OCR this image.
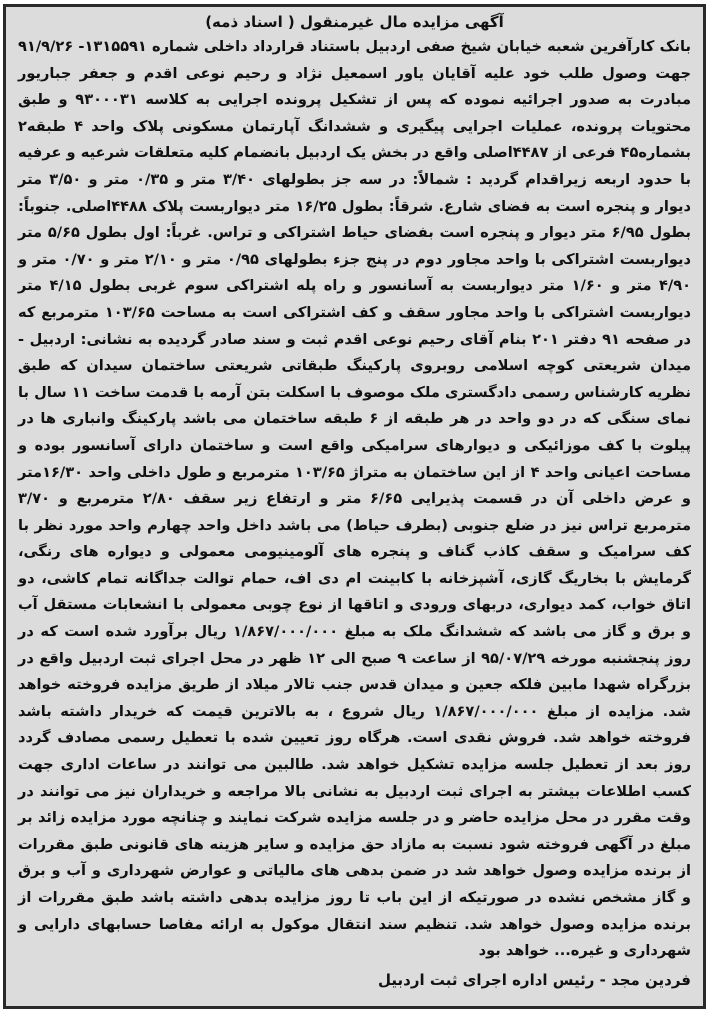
آگهی مزایده مال غیرمنقول ( اسناد ذمه)

بانک کارآفرین شعبه خیابان شیخ صفی اردبیل باستناد قرارداد داخلی شماره ۱۳۱۵۵۹۱- ۹۱/۹/۲۶ جهت وصول طلب خود علیه آقایان یاور اسمعیل نژاد و رحیم نوعی اقدم و جعفر جباریور مبادرت به صدور اجرائیه نموده که پس از تشکیل پرونده اجرایی به کلاسه ۹۳۰۰۰۳۱ و طبق محتویات پرونده، عملیات اجرایی پیگیری و ششدانگ آپارتمان مسکونی پلاک واحد ۴ طبقه۲ بشماره۴۵ فرعی از ۴۴۸۷اصلی واقع در بخش یک اردبیل بانضمام کلیه متعلقات شرعیه و عرفیه با حدود اربعه زیراقدام گردید : شمالاً: در سه جز بطولهای ۳/۴۰ متر و ۰/۳۵ متر و ۳/۵۰ متر دیوار و پنجره است به فضای شارع. شرقاً: بطول ۱۶/۲۵ متر دیواربست پلاک ۴۴۸۸اصلی. جنوباً: بطول ۶/۹۵ متر دیوار و پنجره است بفضای حیاط اشتراکی و تراس. غرباً: اول بطول ۵/۶۵ متر دیواربست اشتراکی با واحد مجاور دوم در پنج جزء بطولهای ۰/۹۵ متر و ۲/۱۰ متر و ۰/۷۰ متر و ۴/۹۰ متر و ۱/۶۰ متر دیواربست به آسانسور و راه پله اشتراکی سوم غربی بطول ۴/۱۵ متر دیواربست اشتراکی با واحد مجاور سقف و کف اشتراکی است به مساحت ۱۰۳/۶۵ مترمربع که در صفحه ۹۱ دفتر ۲۰۱ بنام آقای رحیم نوعی اقدم ثبت و سند صادر گردیده به نشانی: اردبیل - میدان شریعتی کوچه اسلامی روبروی پارکینگ طبقاتی شریعتی ساختمان سیدان که طبق نظریه کارشناس رسمی دادگستری ملک موصوف با اسکلت بتن آرمه با قدمت ساخت ۱۱ سال با نمای سنگی که در دو واحد در هر طبقه از ۶ طبقه ساختمان می باشد پارکینگ وانباری ها در پیلوت با کف موزائیکی و دیوارهای سرامیکی واقع است و ساختمان دارای آسانسور بوده و مساحت اعیانی واحد ۴ از این ساختمان به متراژ ۱۰۳/۶۵ مترمربع و طول داخلی واحد ۱۶/۳۰متر و عرض داخلی آن در قسمت پذیرایی ۶/۶۵ متر و ارتفاع زیر سقف ۲/۸۰ مترمربع و ۳/۷۰ مترمربع تراس نیز در ضلع جنوبی (بطرف حیاط) می باشد داخل واحد چهارم واحد مورد نظر با کف سرامیک و سقف کاذب گناف و پنجره های آلومینیومی معمولی و دیواره های رنگی، گرمایش با بخاریگ گازی، آشپزخانه با کابینت ام دی اف، حمام توالت جداگانه تمام کاشی، دو اتاق خواب، کمد دیواری، دربهای ورودی و اتاقها از نوع چوبی معمولی با انشعابات مستقل آب و برق و گاز می باشد که ششدانگ ملک به مبلغ ۱/۸۶۷/۰۰۰/۰۰۰ ریال برآورد شده است که در روز پنجشنبه مورخه ۹۵/۰۷/۲۹ از ساعت ۹ صبح الی ۱۲ ظهر در محل اجرای ثبت اردبیل واقع در بزرگراه شهدا مابین فلکه جعین و میدان قدس جنب تالار میلاد از طریق مزایده فروخته خواهد شد. مزایده از مبلغ ۱/۸۶۷/۰۰۰/۰۰۰ ریال شروع ، به بالاترین قیمت که خریدار داشته باشد فروخته خواهد شد. فروش نقدی است. هرگاه روز تعیین شده با تعطیل رسمی مصادف گردد روز بعد از تعطیل جلسه مزایده تشکیل خواهد شد. طالبین می توانند در ساعات اداری جهت کسب اطلاعات بیشتر به اجرای ثبت اردبیل به نشانی بالا مراجعه و خریداران نیز می توانند در وقت مقرر در محل مزایده حاضر و در جلسه مزایده شرکت نمایند و چنانچه مورد مزایده زائد بر مبلغ در آگهی فروخته شود نسبت به مازاد حق مزایده و سایر هزینه های قانونی طبق مقررات از برنده مزایده وصول خواهد شد در ضمن بدهی های مالیاتی و عوارض شهرداری و آب و برق و گاز مشخص نشده در صورتیکه از این باب تا روز مزایده بدهی داشته باشد طبق مقررات از برنده مزایده وصول خواهد شد. تنظیم سند انتقال موکول به ارائه مفاصا حسابهای دارایی و شهرداری و غیره... خواهد بود

فردین مجد - رئیس اداره اجرای ثبت اردبیل
